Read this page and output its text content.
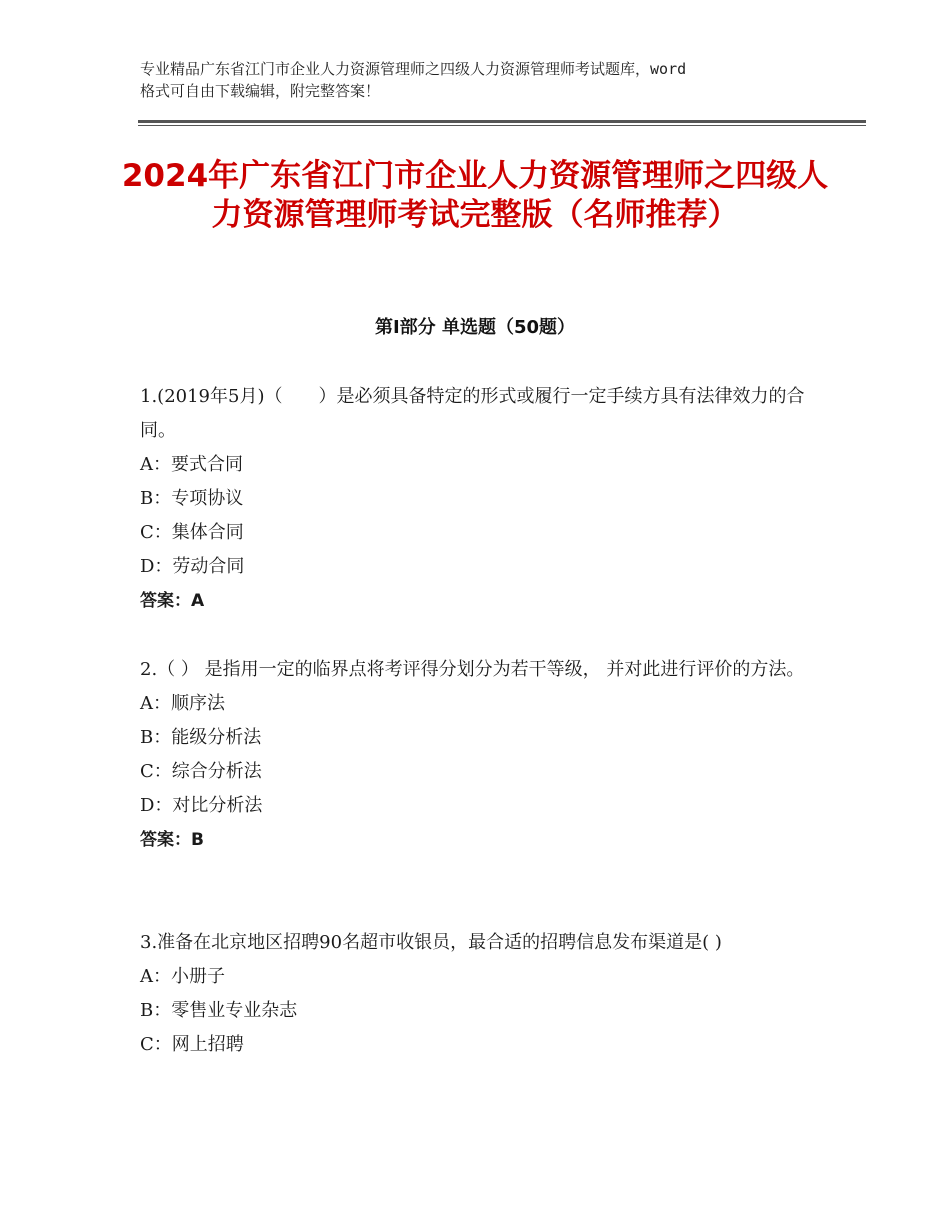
专业精品广东省江门市企业人力资源管理师之四级人力资源管理师考试题库，word
格式可自由下载编辑，附完整答案！
2024年广东省江门市企业人力资源管理师之四级人力资源管理师考试完整版（名师推荐）
第Ⅰ部分 单选题（50题）

1.(2019年5月)（　　）是必须具备特定的形式或履行一定手续方具有法律效力的合同。

A：要式合同

B：专项协议

C：集体合同

D：劳动合同

答案：A

2.（ ） 是指用一定的临界点将考评得分划分为若干等级， 并对此进行评价的方法。

A：顺序法

B：能级分析法

C：综合分析法

D：对比分析法

答案：B

3.准备在北京地区招聘90名超市收银员，最合适的招聘信息发布渠道是( )

A：小册子

B：零售业专业杂志

C：网上招聘
